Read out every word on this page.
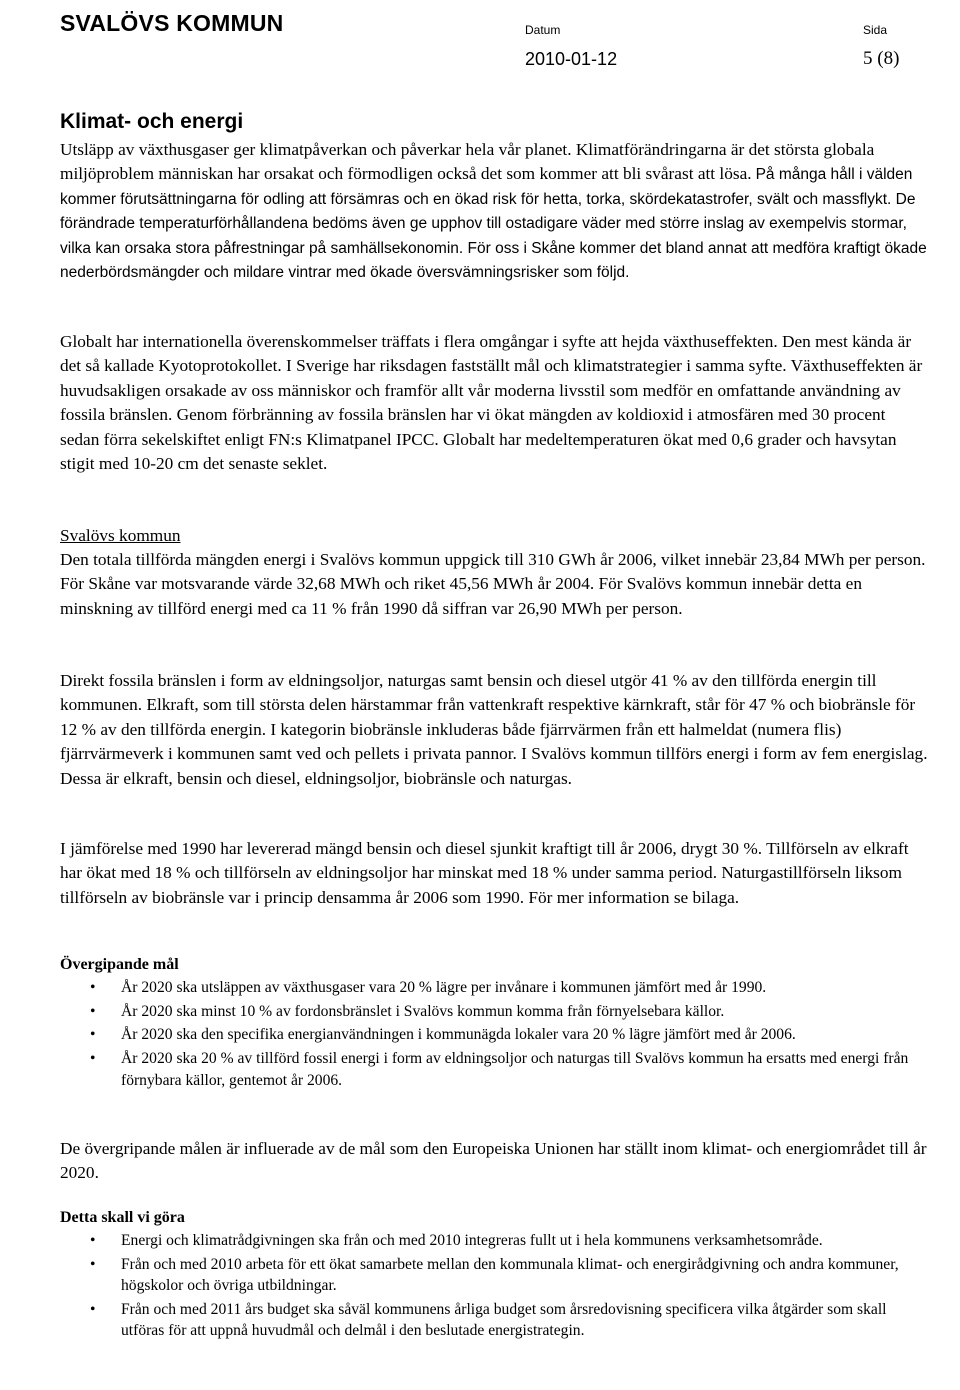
SVALÖVS KOMMUN	Datum	Sida
2010-01-12	5 (8)
Klimat- och energi

Utsläpp av växthusgaser ger klimatpåverkan och påverkar hela vår planet. Klimatförändringarna är det största globala miljöproblem människan har orsakat och förmodligen också det som kommer att bli svårast att lösa. På många håll i välden kommer förutsättningarna för odling att försämras och en ökad risk för hetta, torka, skördekatastrofer, svält och massflykt. De förändrade temperaturförhållandena bedöms även ge upphov till ostadigare väder med större inslag av exempelvis stormar, vilka kan orsaka stora påfrestningar på samhällsekonomin. För oss i Skåne kommer det bland annat att medföra kraftigt ökade nederbördsmängder och mildare vintrar med ökade översvämningsrisker som följd.

Globalt har internationella överenskommelser träffats i flera omgångar i syfte att hejda växthuseffekten. Den mest kända är det så kallade Kyotoprotokollet. I Sverige har riksdagen fastställt mål och klimatstrategier i samma syfte. Växthuseffekten är huvudsakligen orsakade av oss människor och framför allt vår moderna livsstil som medför en omfattande användning av fossila bränslen. Genom förbränning av fossila bränslen har vi ökat mängden av koldioxid i atmosfären med 30 procent sedan förra sekelskiftet enligt FN:s Klimatpanel IPCC. Globalt har medeltemperaturen ökat med 0,6 grader och havsytan stigit med 10-20 cm det senaste seklet.

Svalövs kommun

Den totala tillförda mängden energi i Svalövs kommun uppgick till 310 GWh år 2006, vilket innebär 23,84 MWh per person. För Skåne var motsvarande värde 32,68 MWh och riket 45,56 MWh år 2004. För Svalövs kommun innebär detta en minskning av tillförd energi med ca 11 % från 1990 då siffran var 26,90 MWh per person.

Direkt fossila bränslen i form av eldningsoljor, naturgas samt bensin och diesel utgör 41 % av den tillförda energin till kommunen. Elkraft, som till största delen härstammar från vattenkraft respektive kärnkraft, står för 47 % och biobränsle för 12 % av den tillförda energin. I kategorin biobränsle inkluderas både fjärrvärmen från ett halmeldat (numera flis) fjärrvärmeverk i kommunen samt ved och pellets i privata pannor. I Svalövs kommun tillförs energi i form av fem energislag. Dessa är elkraft, bensin och diesel, eldningsoljor, biobränsle och naturgas.

I jämförelse med 1990 har levererad mängd bensin och diesel sjunkit kraftigt till år 2006, drygt 30 %. Tillförseln av elkraft har ökat med 18 % och tillförseln av eldningsoljor har minskat med 18 % under samma period. Naturgastillförseln liksom tillförseln av biobränsle var i princip densamma år 2006 som 1990. För mer information se bilaga.

Övergipande mål

• År 2020 ska utsläppen av växthusgaser vara 20 % lägre per invånare i kommunen jämfört med år 1990.
• År 2020 ska minst 10 % av fordonsbränslet i Svalövs kommun komma från förnyelsebara källor.
• År 2020 ska den specifika energianvändningen i kommunägda lokaler vara 20 % lägre jämfört med år 2006.
• År 2020 ska 20 % av tillförd fossil energi i form av eldningsoljor och naturgas till Svalövs kommun ha ersatts med energi från förnybara källor, gentemot år 2006.

De övergripande målen är influerade av de mål som den Europeiska Unionen har ställt inom klimat- och energiområdet till år 2020.

Detta skall vi göra

• Energi och klimatrådgivningen ska från och med 2010 integreras fullt ut i hela kommunens verksamhetsområde.
• Från och med 2010 arbeta för ett ökat samarbete mellan den kommunala klimat- och energirådgivning och andra kommuner, högskolor och övriga utbildningar.
• Från och med 2011 års budget ska såväl kommunens årliga budget som årsredovisning specificera vilka åtgärder som skall utföras för att uppnå huvudmål och delmål i den beslutade energistrategin.
